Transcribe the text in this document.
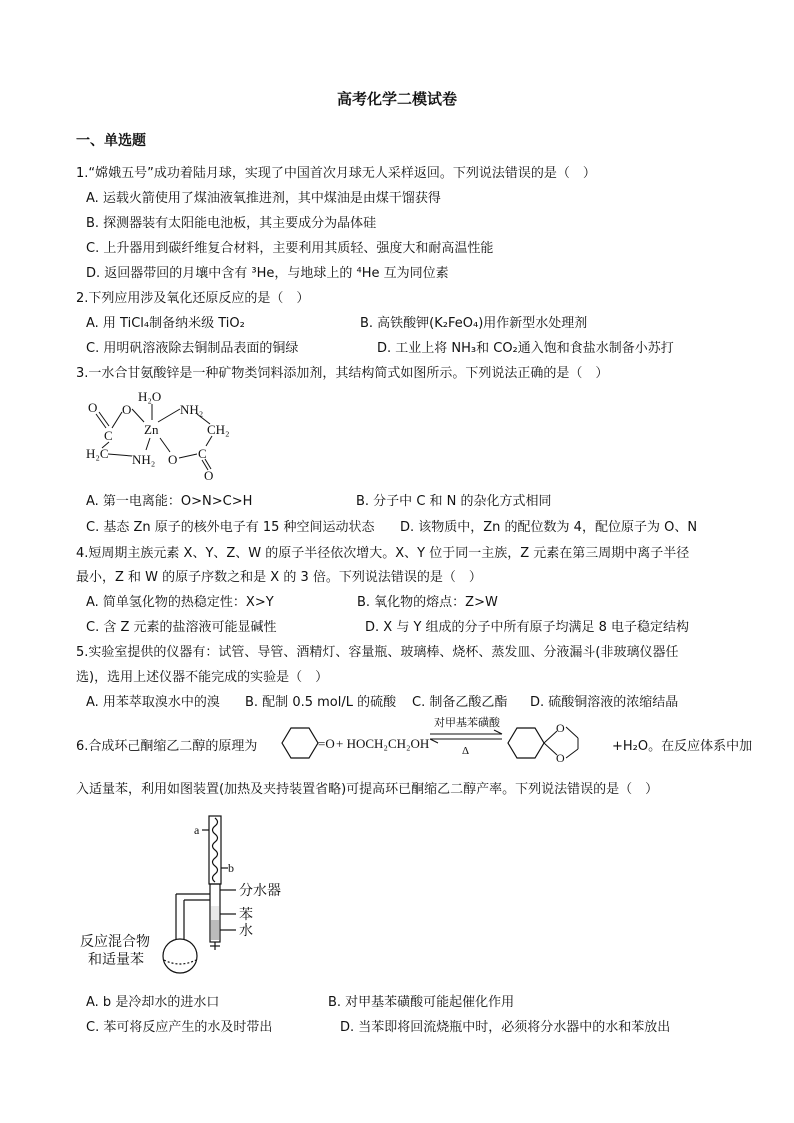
高考化学二模试卷
一、单选题
1.“嫦娥五号”成功着陆月球，实现了中国首次月球无人采样返回。下列说法错误的是（　）
A. 运载火箭使用了煤油液氧推进剂，其中煤油是由煤干馏获得
B. 探测器装有太阳能电池板，其主要成分为晶体硅
C. 上升器用到碳纤维复合材料，主要利用其质轻、强度大和耐高温性能
D. 返回器带回的月壤中含有 ³He，与地球上的 ⁴He 互为同位素
2.下列应用涉及氧化还原反应的是（　）
A. 用 TiCl₄制备纳米级 TiO₂	B. 高铁酸钾(K₂FeO₄)用作新型水处理剂
C. 用明矾溶液除去铜制品表面的铜绿	D. 工业上将 NH₃和 CO₂通入饱和食盐水制备小苏打
3.一水合甘氨酸锌是一种矿物类饲料添加剂，其结构简式如图所示。下列说法正确的是（　）
O O
H₂O
NH₂
C Zn	CH₂
H₂C NH₂ O C
O
A. 第一电离能：O>N>C>H	B. 分子中 C 和 N 的杂化方式相同
C. 基态 Zn 原子的核外电子有 15 种空间运动状态 D. 该物质中，Zn 的配位数为 4，配位原子为 O、N
4.短周期主族元素 X、Y、Z、W 的原子半径依次增大。X、Y 位于同一主族，Z 元素在第三周期中离子半径
最小，Z 和 W 的原子序数之和是 X 的 3 倍。下列说法错误的是（　）
A. 简单氢化物的热稳定性：X>Y	B. 氧化物的熔点：Z>W
C. 含 Z 元素的盐溶液可能显碱性	D. X 与 Y 组成的分子中所有原子均满足 8 电子稳定结构
5.实验室提供的仪器有：试管、导管、酒精灯、容量瓶、玻璃棒、烧杯、蒸发皿、分液漏斗(非玻璃仪器任
选)，选用上述仪器不能完成的实验是（　）
A. 用苯萃取溴水中的溴 B. 配制 0.5 mol/L 的硫酸 C. 制备乙酸乙酯 D. 硫酸铜溶液的浓缩结晶
6.合成环己酮缩乙二醇的原理为	=O + HOCH₂CH₂OH
对甲基苯磺酸
Δ
O
O
+H₂O。在反应体系中加
入适量苯，利用如图装置(加热及夹持装置省略)可提高环已酮缩乙二醇产率。下列说法错误的是（　）
a
b
分水器
苯
水
反应混合物
和适量苯
A. b 是冷却水的进水口	B. 对甲基苯磺酸可能起催化作用
C. 苯可将反应产生的水及时带出	D. 当苯即将回流烧瓶中时，必须将分水器中的水和苯放出
